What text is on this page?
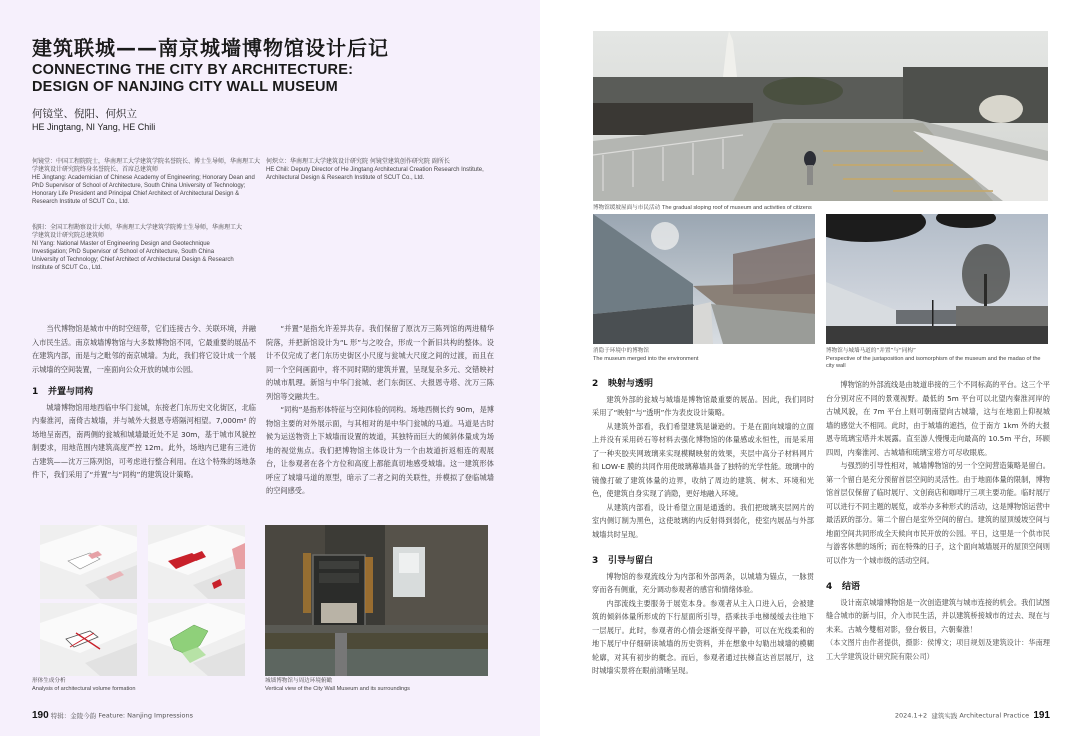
建筑联城——南京城墙博物馆设计后记
CONNECTING THE CITY BY ARCHITECTURE:
DESIGN OF NANJING CITY WALL MUSEUM
何镜堂、倪阳、何炽立
HE Jingtang, NI Yang, HE Chili
何镜堂：中国工程院院士，华南理工大学建筑学院名誉院长、博士生导师，华南理工大学建筑设计研究院终身名誉院长、首席总建筑师
HE Jingtang: Academician of Chinese Academy of Engineering; Honorary Dean and PhD Supervisor of School of Architecture, South China University of Technology; Honorary Life President and Principal Chief Architect of Architectural Design & Research Institute of SCUT Co., Ltd.
倪阳：全国工程勘察设计大师，华南理工大学建筑学院博士生导师，华南理工大学建筑设计研究院总建筑师
NI Yang: National Master of Engineering Design and Geotechnique Investigation; PhD Supervisor of School of Architecture, South China University of Technology; Chief Architect of Architectural Design & Research Institute of SCUT Co., Ltd.
何炽立：华南理工大学建筑设计研究院 何镜堂建筑创作研究院 副所长
HE Chili: Deputy Director of He Jingtang Architectural Creation Research Institute, Architectural Design & Research Institute of SCUT Co., Ltd.

当代博物馆是城市中的时空纽带，它们连接古今、关联环境，并融入市民生活。南京城墙博物馆与大多数博物馆不同，它最重要的展品不在建筑内部，而是与之毗邻的南京城墙。为此，我们将它设计成一个展示城墙的空间装置，一座面向公众开放的城市公园。

1 并置与同构

城墙博物馆用地西临中华门瓮城，东接老门东历史文化街区，北临内秦淮河，南倚古城墙，并与城外大报恩寺塔隔河相望。7,000m² 的场地呈南西，南两侧的瓮城和城墙最近处不足 30m，基于城市风貌控制要求，用地范围内建筑高度严控 12m。此外，场地内已建有三进仿古建筑——沈万三陈列馆，可考虑进行整合利用。在这个特殊的场地条件下，我们采用了“并置”与“同构”的建筑设计策略。

“并置”是指允许差异共存。我们保留了原沈万三陈列馆的两进精华院落，并把新馆设计为“L 形”与之咬合，形成一个新旧共构的整体。设计不仅完成了老门东历史街区小尺度与瓮城大尺度之间的过渡，而且在同一个空间画面中，将不同时期的建筑并置，呈现复杂多元、交错映衬的城市肌理。新馆与中华门瓮城、老门东街区、大报恩寺塔、沈万三陈列馆等交融共生。

“同构”是指形体特征与空间体验的同构。场地西侧长约 90m，是博物馆主要的对外展示面，与其相对的是中华门瓮城的马道。马道是古时候为运送物资上下城墙而设置的坡道，其独特而巨大的倾斜体量成为场地的视觉焦点。我们把博物馆主体设计为一个由坡道折返相连的观展台，让参观者在各个方位和高度上都能真切地感受城墙。这一建筑形体呼应了城墙马道的原型，暗示了二者之间的关联性，并模拟了登临城墙的空间感受。

形体生成分析
Analysis of architectural volume formation
城墙博物馆与周边环境俯瞰
Vertical view of the City Wall Museum and its surroundings
190 特辑：金陵今韵 Feature: Nanjing Impressions
博物馆缓坡屋面与市民活动 The gradual sloping roof of museum and activities of citizens
消隐于环境中的博物馆
The museum merged into the environment
博物馆与城墙马道的“并置”与“同构”
Perspective of the juxtaposition and isomorphism of the museum and the madao of the city wall
2 映射与透明

建筑外部的瓮城与城墙是博物馆最重要的展品。因此，我们同时采用了“映射”与“透明”作为表皮设计策略。

从建筑外部看，我们希望建筑是谦逊的。于是在面向城墙的立面上并没有采用砖石等材料去强化博物馆的体量感或永恒性，而是采用了一种夹胶夹网玻璃来实现模糊映射的效果，夹层中高分子材料网片和 LOW-E 膜的共同作用使玻璃幕墙具备了独特的光学性能。玻璃中的镜像打破了建筑体量的边界，收纳了周边的建筑、树木、环境和光色，使建筑自身实现了消隐，更好地融入环境。

从建筑内部看，设计希望立面是通透的。我们把玻璃夹层网片的室内侧订制为黑色，这使玻璃的内反射得到弱化，使室内展品与外部城墙共时呈现。

3 引导与留白

博物馆的参观流线分为内部和外部两条，以城墙为锚点，一脉贯穿而各有侧重，充分调动参观者的感官和情绪体验。

内部流线主要服务于展览本身。参观者从主入口进入后，会被建筑的倾斜体量所形成的下行屋面所引导，搭乘扶手电梯缓缓去往地下一层展厅。此时，参观者的心情会逐渐变得平静，可以在光线柔和的地下展厅中仔细研读城墙的历史资料，并在想象中勾勒出城墙的模糊轮廓，对其有初步的概念。而后，参观者通过扶梯直达首层展厅，这时城墙实景将在眼前清晰呈现。

博物馆的外部流线是由坡道串接的三个不同标高的平台。这三个平台分别对应不同的景观视野。最低的 5m 平台可以北望内秦淮河岸的古城风貌，在 7m 平台上则可朝南望向古城墙，这与在地面上仰视城墙的感觉大不相同。此时，由于城墙的遮挡，位于南方 1km 外的大报恩寺琉璃宝塔并未展露。直至游人慢慢走向最高的 10.5m 平台，环顾四周，内秦淮河、古城墙和琉璃宝塔方可尽收眼底。

与强烈的引导性相对，城墙博物馆的另一个空间营造策略是留白。第一个留白是充分预留首层空间的灵活性。由于地面体量的限制，博物馆首层仅保留了临时展厅、文创商店和咖啡厅三项主要功能。临时展厅可以进行不同主题的展览，或举办多种形式的活动，这是博物馆运营中最活跃的部分。第二个留白是室外空间的留白。建筑的屋顶缓坡空间与地面空间共同形成全天候向市民开放的公园。平日，这里是一个供市民与游客休憩的场所；而在特殊的日子，这个面向城墙展开的屋顶空间则可以作为一个城市级的活动空间。

4 结语

设计南京城墙博物馆是一次创造建筑与城市连接的机会。我们试图缝合城市的新与旧，介入市民生活，并以建筑桥接城市的过去、现在与未来。古城今雙相对影，登台极目，六朝秦淮！

（本文图片由作者提供，摄影：侯博文；项目规划及建筑设计：华南理工大学建筑设计研究院有限公司）

2024.1+2 建筑实践 Architectural Practice 191
